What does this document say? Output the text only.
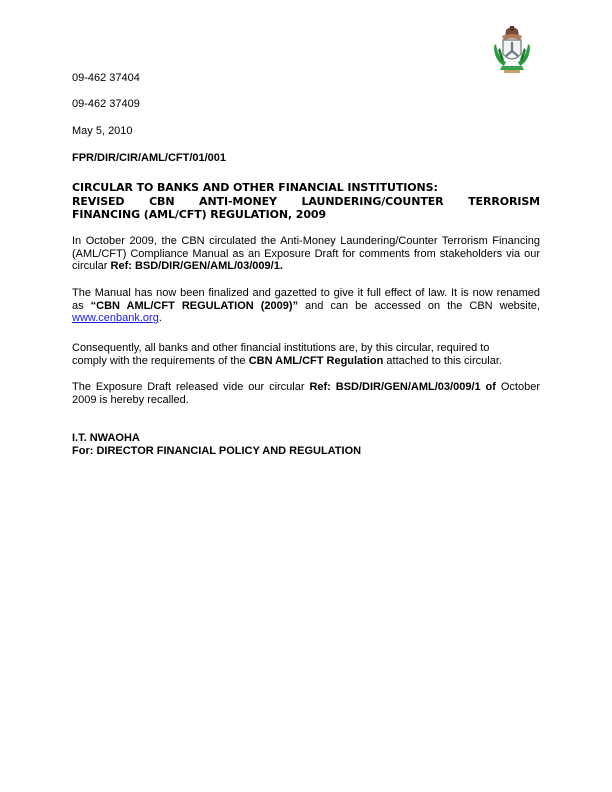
09-462 37404
09-462 37409
May 5, 2010
FPR/DIR/CIR/AML/CFT/01/001
CIRCULAR TO BANKS AND OTHER FINANCIAL INSTITUTIONS:
REVISED CBN ANTI-MONEY LAUNDERING/COUNTER TERRORISM
FINANCING (AML/CFT) REGULATION, 2009
In October 2009, the CBN circulated the Anti-Money Laundering/Counter Terrorism Financing (AML/CFT) Compliance Manual as an Exposure Draft for comments from stakeholders via our circular Ref: BSD/DIR/GEN/AML/03/009/1.
The Manual has now been finalized and gazetted to give it full effect of law. It is now renamed as “CBN AML/CFT REGULATION (2009)” and can be accessed on the CBN website, www.cenbank.org.
Consequently, all banks and other financial institutions are, by this circular, required to
comply with the requirements of the CBN AML/CFT Regulation attached to this circular.
The Exposure Draft released vide our circular Ref: BSD/DIR/GEN/AML/03/009/1 of October 2009 is hereby recalled.
I.T. NWAOHA
For: DIRECTOR FINANCIAL POLICY AND REGULATION
